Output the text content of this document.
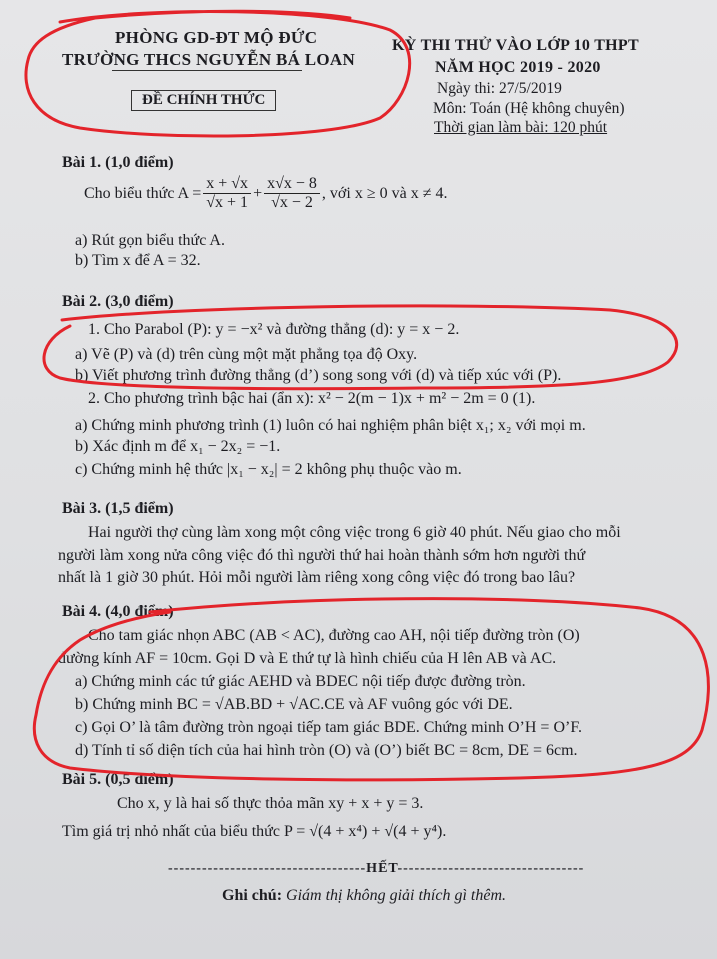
PHÒNG GD-ĐT MỘ ĐỨC
TRƯỜNG THCS NGUYỄN BÁ LOAN
ĐỀ CHÍNH THỨC
KỲ THI THỬ VÀO LỚP 10 THPT
NĂM HỌC 2019 - 2020
Ngày thi: 27/5/2019
Môn: Toán (Hệ không chuyên)
Thời gian làm bài: 120 phút
Bài 1. (1,0 điểm)
Cho biểu thức $A = \frac{x + √x}{√x + 1} + \frac{x√x - 8}{√x - 2}$ , với x ≥ 0 và x ≠ 4.
a) Rút gọn biểu thức A.
b) Tìm x để A = 32.
Bài 2. (3,0 điểm)
1. Cho Parabol (P): y = −x² và đường thẳng (d): y = x − 2.
a) Vẽ (P) và (d) trên cùng một mặt phẳng tọa độ Oxy.
b) Viết phương trình đường thẳng (d’) song song với (d) và tiếp xúc với (P).
2. Cho phương trình bậc hai (ẩn x): x² − 2(m − 1)x + m² − 2m = 0 (1).
a) Chứng minh phương trình (1) luôn có hai nghiệm phân biệt x₁; x₂ với mọi m.
b) Xác định m để x₁ − 2x₂ = −1.
c) Chứng minh hệ thức |x₁ − x₂| = 2 không phụ thuộc vào m.
Bài 3. (1,5 điểm)
Hai người thợ cùng làm xong một công việc trong 6 giờ 40 phút. Nếu giao cho mỗi
người làm xong nửa công việc đó thì người thứ hai hoàn thành sớm hơn người thứ
nhất là 1 giờ 30 phút. Hỏi mỗi người làm riêng xong công việc đó trong bao lâu?
Bài 4. (4,0 điểm)
Cho tam giác nhọn ABC (AB < AC), đường cao AH, nội tiếp đường tròn (O)
đường kính AF = 10cm. Gọi D và E thứ tự là hình chiếu của H lên AB và AC.
a) Chứng minh các tứ giác AEHD và BDEC nội tiếp được đường tròn.
b) Chứng minh BC = √AB.BD + √AC.CE và AF vuông góc với DE.
c) Gọi O’ là tâm đường tròn ngoại tiếp tam giác BDE. Chứng minh O’H = O’F.
d) Tính tỉ số diện tích của hai hình tròn (O) và (O’) biết BC = 8cm, DE = 6cm.
Bài 5. (0,5 điểm)
Cho x, y là hai số thực thỏa mãn xy + x + y = 3.
Tìm giá trị nhỏ nhất của biểu thức P = √(4 + x⁴) + √(4 + y⁴).
-----------------------------------HẾT---------------------------------
Ghi chú: Giám thị không giải thích gì thêm.
